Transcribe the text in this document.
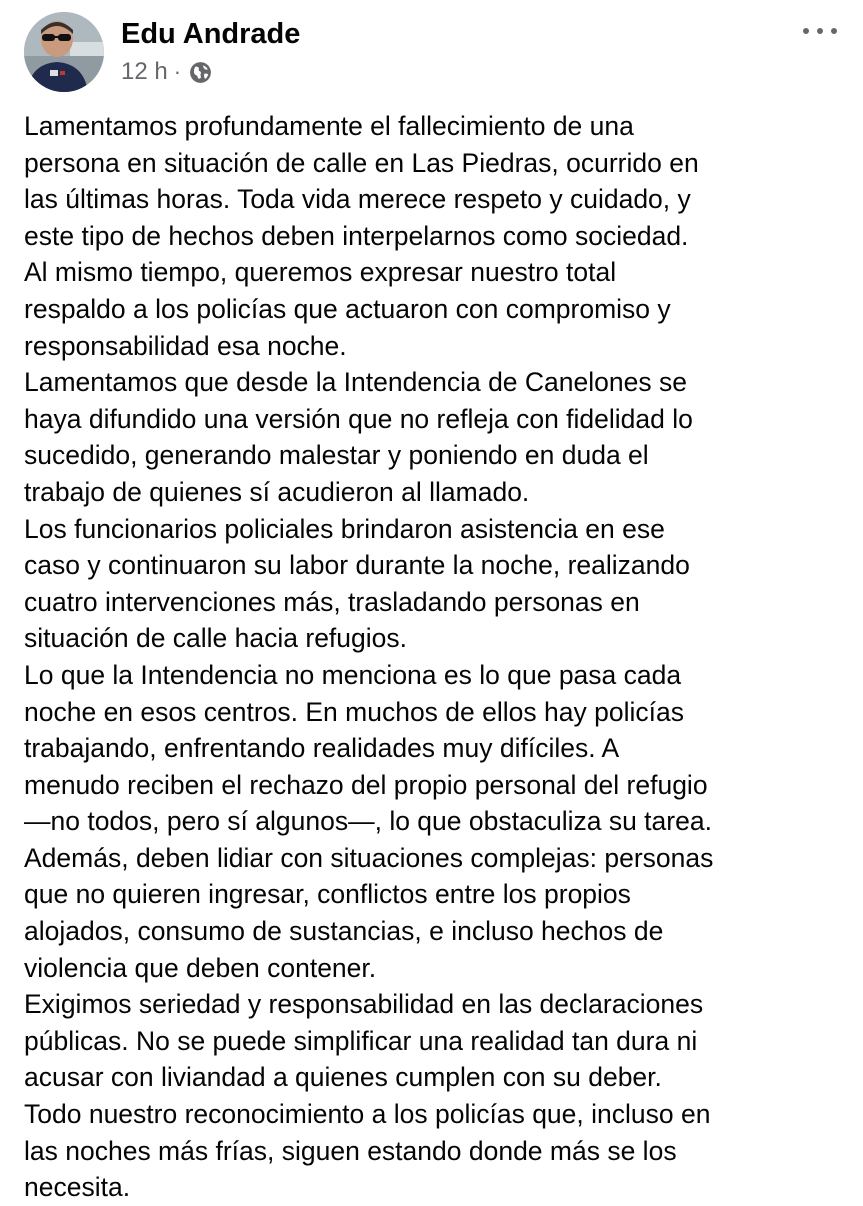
Edu Andrade
12 h ·

Lamentamos profundamente el fallecimiento de una

persona en situación de calle en Las Piedras, ocurrido en

las últimas horas. Toda vida merece respeto y cuidado, y

este tipo de hechos deben interpelarnos como sociedad.

Al mismo tiempo, queremos expresar nuestro total

respaldo a los policías que actuaron con compromiso y

responsabilidad esa noche.

Lamentamos que desde la Intendencia de Canelones se

haya difundido una versión que no refleja con fidelidad lo

sucedido, generando malestar y poniendo en duda el

trabajo de quienes sí acudieron al llamado.

Los funcionarios policiales brindaron asistencia en ese

caso y continuaron su labor durante la noche, realizando

cuatro intervenciones más, trasladando personas en

situación de calle hacia refugios.

Lo que la Intendencia no menciona es lo que pasa cada

noche en esos centros. En muchos de ellos hay policías

trabajando, enfrentando realidades muy difíciles. A

menudo reciben el rechazo del propio personal del refugio

—no todos, pero sí algunos—, lo que obstaculiza su tarea.

Además, deben lidiar con situaciones complejas: personas

que no quieren ingresar, conflictos entre los propios

alojados, consumo de sustancias, e incluso hechos de

violencia que deben contener.

Exigimos seriedad y responsabilidad en las declaraciones

públicas. No se puede simplificar una realidad tan dura ni

acusar con liviandad a quienes cumplen con su deber.

Todo nuestro reconocimiento a los policías que, incluso en

las noches más frías, siguen estando donde más se los

necesita.
